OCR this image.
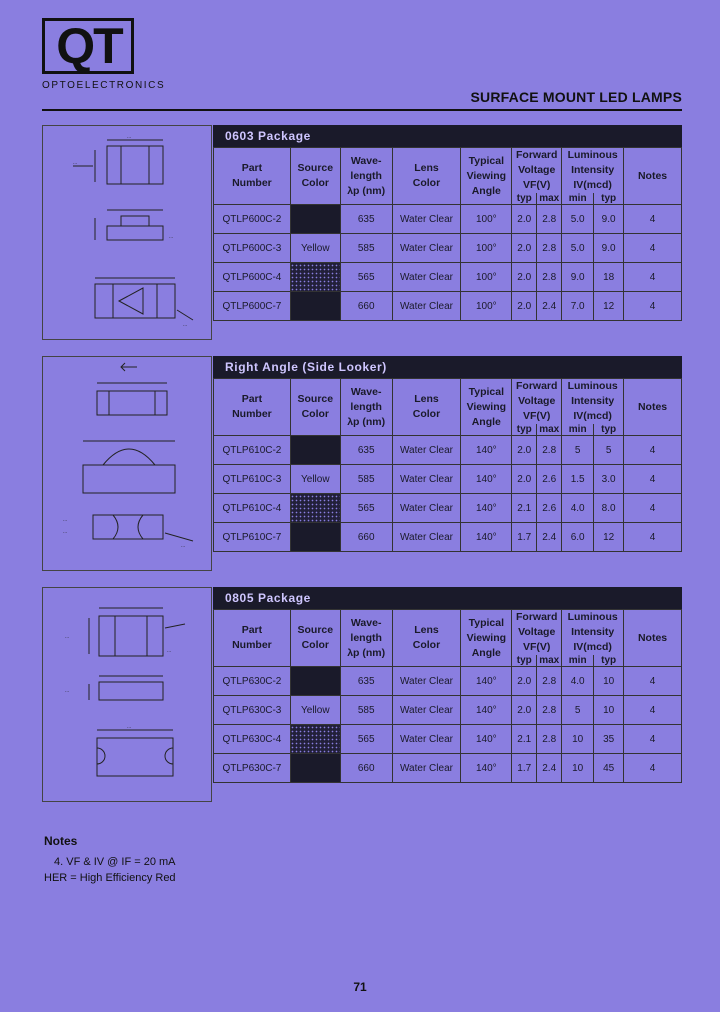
QT
OPTOELECTRONICS
SURFACE MOUNT LED LAMPS
...
...
...
...
0603 Package
Part
Number	Source
Color	Wave-
length
λp (nm)	Lens
Color	Typical
Viewing
Angle	Forward
Voltage
VF(V)		Luminous
Intensity
IV(mcd)		Notes
					typ	max	min	typ	
QTLP600C-2		635	Water Clear	100°	2.0	2.8	5.0	9.0	4
QTLP600C-3	Yellow	585	Water Clear	100°	2.0	2.8	5.0	9.0	4
QTLP600C-4		565	Water Clear	100°	2.0	2.8	9.0	18	4
QTLP600C-7		660	Water Clear	100°	2.0	2.4	7.0	12	4
...
...
...
Right Angle (Side Looker)
Part
Number	Source
Color	Wave-
length
λp (nm)	Lens
Color	Typical
Viewing
Angle	Forward
Voltage
VF(V)		Luminous
Intensity
IV(mcd)		Notes
					typ	max	min	typ	
QTLP610C-2		635	Water Clear	140°	2.0	2.8	5	5	4
QTLP610C-3	Yellow	585	Water Clear	140°	2.0	2.6	1.5	3.0	4
QTLP610C-4		565	Water Clear	140°	2.1	2.6	4.0	8.0	4
QTLP610C-7		660	Water Clear	140°	1.7	2.4	6.0	12	4
...
...
...
...
0805 Package
Part
Number	Source
Color	Wave-
length
λp (nm)	Lens
Color	Typical
Viewing
Angle	Forward
Voltage
VF(V)		Luminous
Intensity
IV(mcd)		Notes
					typ	max	min	typ	
QTLP630C-2		635	Water Clear	140°	2.0	2.8	4.0	10	4
QTLP630C-3	Yellow	585	Water Clear	140°	2.0	2.8	5	10	4
QTLP630C-4		565	Water Clear	140°	2.1	2.8	10	35	4
QTLP630C-7		660	Water Clear	140°	1.7	2.4	10	45	4
Notes
4. VF & IV @ IF = 20 mA
HER = High Efficiency Red
71
